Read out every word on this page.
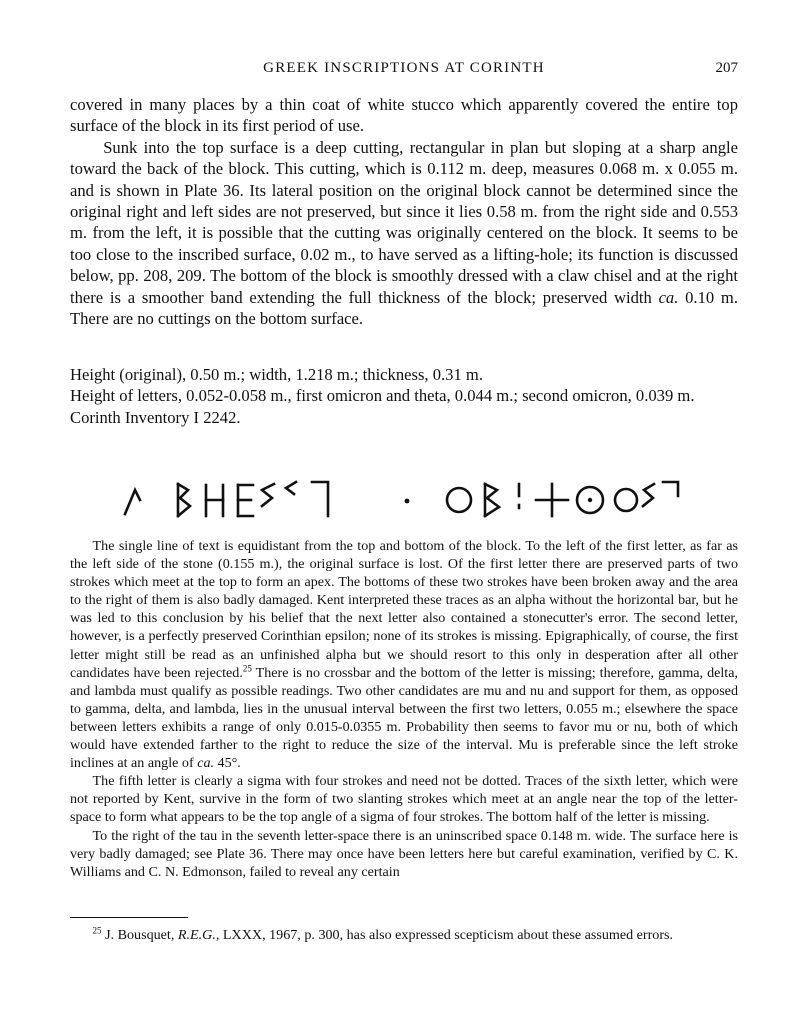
GREEK INSCRIPTIONS AT CORINTH	207

covered in many places by a thin coat of white stucco which apparently covered the entire top surface of the block in its first period of use.

Sunk into the top surface is a deep cutting, rectangular in plan but sloping at a sharp angle toward the back of the block. This cutting, which is 0.112 m. deep, measures 0.068 m. x 0.055 m. and is shown in Plate 36. Its lateral position on the original block cannot be determined since the original right and left sides are not preserved, but since it lies 0.58 m. from the right side and 0.553 m. from the left, it is possible that the cutting was originally centered on the block. It seems to be too close to the inscribed surface, 0.02 m., to have served as a lifting-hole; its function is discussed below, pp. 208, 209. The bottom of the block is smoothly dressed with a claw chisel and at the right there is a smoother band extending the full thickness of the block; preserved width ca. 0.10 m. There are no cuttings on the bottom surface.

Height (original), 0.50 m.; width, 1.218 m.; thickness, 0.31 m.
Height of letters, 0.052-0.058 m., first omicron and theta, 0.044 m.; second omicron, 0.039 m.
Corinth Inventory I 2242.

The single line of text is equidistant from the top and bottom of the block. To the left of the first letter, as far as the left side of the stone (0.155 m.), the original surface is lost. Of the first letter there are preserved parts of two strokes which meet at the top to form an apex. The bottoms of these two strokes have been broken away and the area to the right of them is also badly damaged. Kent interpreted these traces as an alpha without the horizontal bar, but he was led to this conclusion by his belief that the next letter also contained a stonecutter's error. The second letter, however, is a perfectly preserved Corinthian epsilon; none of its strokes is missing. Epigraphically, of course, the first letter might still be read as an unfinished alpha but we should resort to this only in desperation after all other candidates have been rejected.$^{25}$ There is no crossbar and the bottom of the letter is missing; therefore, gamma, delta, and lambda must qualify as possible readings. Two other candidates are mu and nu and support for them, as opposed to gamma, delta, and lambda, lies in the unusual interval between the first two letters, 0.055 m.; elsewhere the space between letters exhibits a range of only 0.015-0.0355 m. Probability then seems to favor mu or nu, both of which would have extended farther to the right to reduce the size of the interval. Mu is preferable since the left stroke inclines at an angle of ca. 45°.

The fifth letter is clearly a sigma with four strokes and need not be dotted. Traces of the sixth letter, which were not reported by Kent, survive in the form of two slanting strokes which meet at an angle near the top of the letter-space to form what appears to be the top angle of a sigma of four strokes. The bottom half of the letter is missing.

To the right of the tau in the seventh letter-space there is an uninscribed space 0.148 m. wide. The surface here is very badly damaged; see Plate 36. There may once have been letters here but careful examination, verified by C. K. Williams and C. N. Edmonson, failed to reveal any certain

$^{25}$ J. Bousquet, R.E.G., LXXX, 1967, p. 300, has also expressed scepticism about these assumed errors.
